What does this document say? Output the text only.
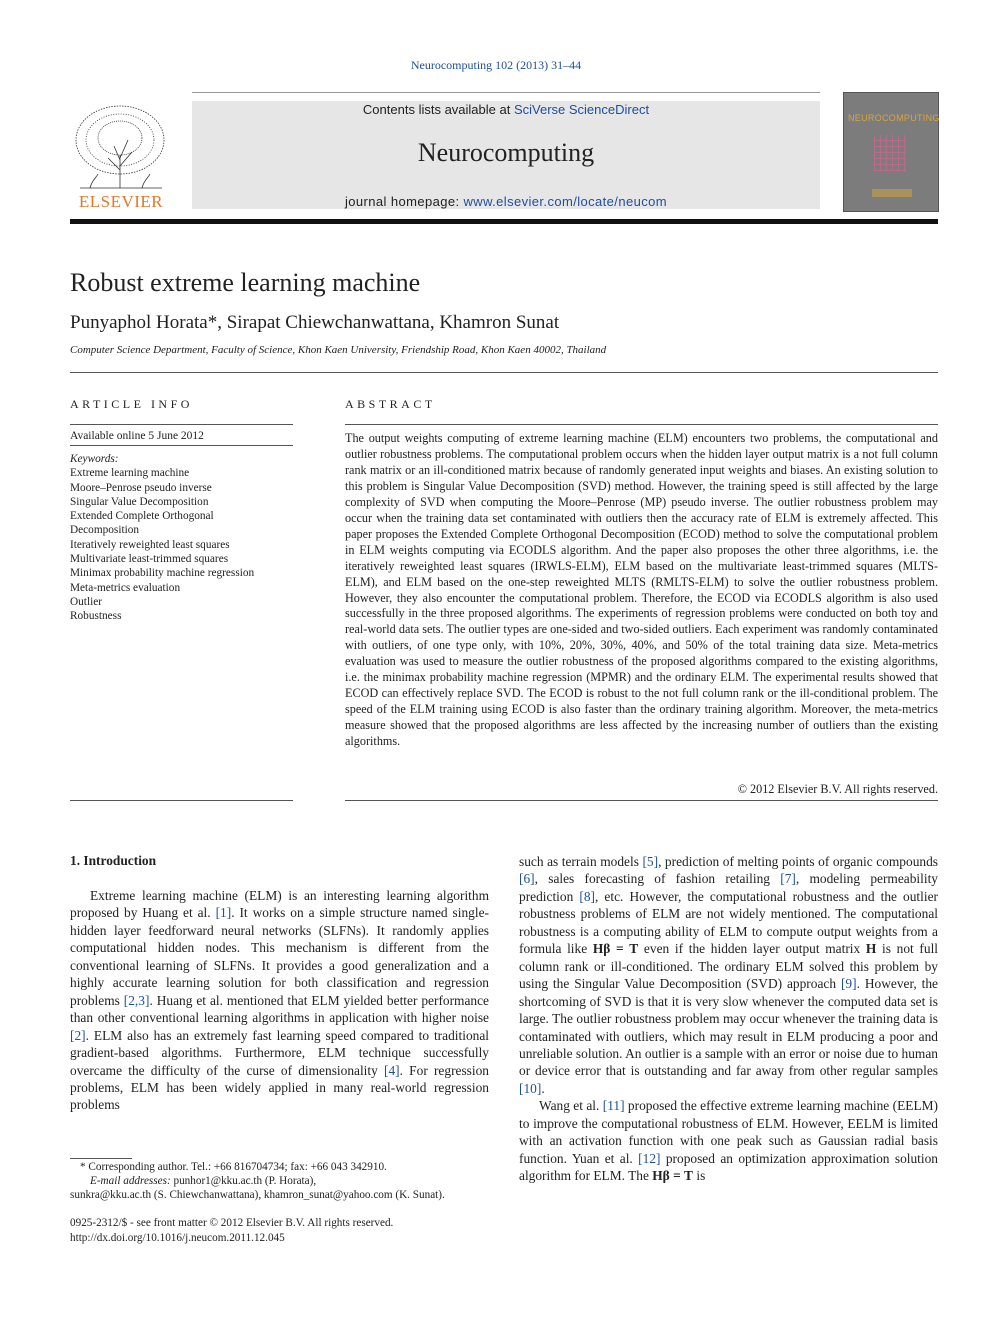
Neurocomputing 102 (2013) 31–44
ELSEVIER
Contents lists available at SciVerse ScienceDirect
Neurocomputing
journal homepage: www.elsevier.com/locate/neucom
NEUROCOMPUTING
Robust extreme learning machine
Punyaphol Horata*, Sirapat Chiewchanwattana, Khamron Sunat
Computer Science Department, Faculty of Science, Khon Kaen University, Friendship Road, Khon Kaen 40002, Thailand
ARTICLE INFO
Available online 5 June 2012
Keywords:
Extreme learning machine
Moore–Penrose pseudo inverse
Singular Value Decomposition
Extended Complete Orthogonal
Decomposition
Iteratively reweighted least squares
Multivariate least-trimmed squares
Minimax probability machine regression
Meta-metrics evaluation
Outlier
Robustness
ABSTRACT
The output weights computing of extreme learning machine (ELM) encounters two problems, the computational and outlier robustness problems. The computational problem occurs when the hidden layer output matrix is a not full column rank matrix or an ill-conditioned matrix because of randomly generated input weights and biases. An existing solution to this problem is Singular Value Decomposition (SVD) method. However, the training speed is still affected by the large complexity of SVD when computing the Moore–Penrose (MP) pseudo inverse. The outlier robustness problem may occur when the training data set contaminated with outliers then the accuracy rate of ELM is extremely affected. This paper proposes the Extended Complete Orthogonal Decomposition (ECOD) method to solve the computational problem in ELM weights computing via ECODLS algorithm. And the paper also proposes the other three algorithms, i.e. the iteratively reweighted least squares (IRWLS-ELM), ELM based on the multivariate least-trimmed squares (MLTS-ELM), and ELM based on the one-step reweighted MLTS (RMLTS-ELM) to solve the outlier robustness problem. However, they also encounter the computational problem. Therefore, the ECOD via ECODLS algorithm is also used successfully in the three proposed algorithms. The experiments of regression problems were conducted on both toy and real-world data sets. The outlier types are one-sided and two-sided outliers. Each experiment was randomly contaminated with outliers, of one type only, with 10%, 20%, 30%, 40%, and 50% of the total training data size. Meta-metrics evaluation was used to measure the outlier robustness of the proposed algorithms compared to the existing algorithms, i.e. the minimax probability machine regression (MPMR) and the ordinary ELM. The experimental results showed that ECOD can effectively replace SVD. The ECOD is robust to the not full column rank or the ill-conditional problem. The speed of the ELM training using ECOD is also faster than the ordinary training algorithm. Moreover, the meta-metrics measure showed that the proposed algorithms are less affected by the increasing number of outliers than the existing algorithms.
© 2012 Elsevier B.V. All rights reserved.
1. Introduction

Extreme learning machine (ELM) is an interesting learning algorithm proposed by Huang et al. [1]. It works on a simple structure named single-hidden layer feedforward neural networks (SLFNs). It randomly applies computational hidden nodes. This mechanism is different from the conventional learning of SLFNs. It provides a good generalization and a highly accurate learning solution for both classification and regression problems [2,3]. Huang et al. mentioned that ELM yielded better performance than other conventional learning algorithms in application with higher noise [2]. ELM also has an extremely fast learning speed compared to traditional gradient-based algorithms. Furthermore, ELM technique successfully overcame the difficulty of the curse of dimensionality [4]. For regression problems, ELM has been widely applied in many real-world regression problems

such as terrain models [5], prediction of melting points of organic compounds [6], sales forecasting of fashion retailing [7], modeling permeability prediction [8], etc. However, the computational robustness and the outlier robustness problems of ELM are not widely mentioned. The computational robustness is a computing ability of ELM to compute output weights from a formula like Hβ = T even if the hidden layer output matrix H is not full column rank or ill-conditioned. The ordinary ELM solved this problem by using the Singular Value Decomposition (SVD) approach [9]. However, the shortcoming of SVD is that it is very slow whenever the computed data set is large. The outlier robustness problem may occur whenever the training data is contaminated with outliers, which may result in ELM producing a poor and unreliable solution. An outlier is a sample with an error or noise due to human or device error that is outstanding and far away from other regular samples [10].

Wang et al. [11] proposed the effective extreme learning machine (EELM) to improve the computational robustness of ELM. However, EELM is limited with an activation function with one peak such as Gaussian radial basis function. Yuan et al. [12] proposed an optimization approximation solution algorithm for ELM. The Hβ = T is

* Corresponding author. Tel.: +66 816704734; fax: +66 043 342910.
E-mail addresses: punhor1@kku.ac.th (P. Horata),
sunkra@kku.ac.th (S. Chiewchanwattana), khamron_sunat@yahoo.com (K. Sunat).
0925-2312/$ - see front matter © 2012 Elsevier B.V. All rights reserved.
http://dx.doi.org/10.1016/j.neucom.2011.12.045
